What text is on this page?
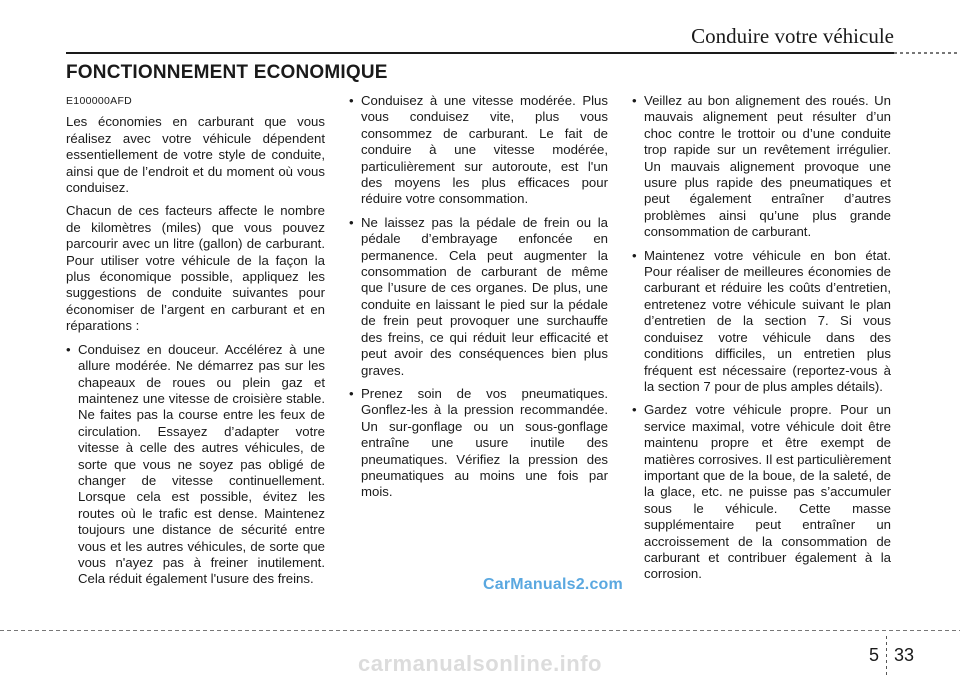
Conduire votre véhicule
FONCTIONNEMENT ECONOMIQUE
E100000AFD

Les économies en carburant que vous réalisez avec votre véhicule dépendent essentiellement de votre style de conduite, ainsi que de l’endroit et du moment où vous conduisez.

Chacun de ces facteurs affecte le nombre de kilomètres (miles) que vous pouvez parcourir avec un litre (gallon) de carburant. Pour utiliser votre véhicule de la façon la plus économique possible, appliquez les suggestions de conduite suivantes pour économiser de l’argent en carburant et en réparations :

• Conduisez en douceur. Accélérez à une allure modérée. Ne démarrez pas sur les chapeaux de roues ou plein gaz et maintenez une vitesse de croisière stable. Ne faites pas la course entre les feux de circulation. Essayez d’adapter votre vitesse à celle des autres véhicules, de sorte que vous ne soyez pas obligé de changer de vitesse continuellement. Lorsque cela est possible, évitez les routes où le trafic est dense. Maintenez toujours une distance de sécurité entre vous et les autres véhicules, de sorte que vous n'ayez pas à freiner inutilement. Cela réduit également l'usure des freins.
• Conduisez à une vitesse modérée. Plus vous conduisez vite, plus vous consommez de carburant. Le fait de conduire à une vitesse modérée, particulièrement sur autoroute, est l'un des moyens les plus efficaces pour réduire votre consommation.
• Ne laissez pas la pédale de frein ou la pédale d’embrayage enfoncée en permanence. Cela peut augmenter la consommation de carburant de même que l’usure de ces organes. De plus, une conduite en laissant le pied sur la pédale de frein peut provoquer une surchauffe des freins, ce qui réduit leur efficacité et peut avoir des conséquences bien plus graves.
• Prenez soin de vos pneumatiques. Gonflez-les à la pression recommandée. Un sur-gonflage ou un sous-gonflage entraîne une usure inutile des pneumatiques. Vérifiez la pression des pneumatiques au moins une fois par mois.
• Veillez au bon alignement des roués. Un mauvais alignement peut résulter d’un choc contre le trottoir ou d’une conduite trop rapide sur un revêtement irrégulier. Un mauvais alignement provoque une usure plus rapide des pneumatiques et peut également entraîner d’autres problèmes ainsi qu’une plus grande consommation de carburant.
• Maintenez votre véhicule en bon état. Pour réaliser de meilleures économies de carburant et réduire les coûts d’entretien, entretenez votre véhicule suivant le plan d’entretien de la section 7. Si vous conduisez votre véhicule dans des conditions difficiles, un entretien plus fréquent est nécessaire (reportez-vous à la section 7 pour de plus amples détails).
• Gardez votre véhicule propre. Pour un service maximal, votre véhicule doit être maintenu propre et être exempt de matières corrosives. Il est particulièrement important que de la boue, de la saleté, de la glace, etc. ne puisse pas s’accumuler sous le véhicule. Cette masse supplémentaire peut entraîner un accroissement de la consommation de carburant et contribuer également à la corrosion.
CarManuals2.com
5 33
carmanualsonline.info
